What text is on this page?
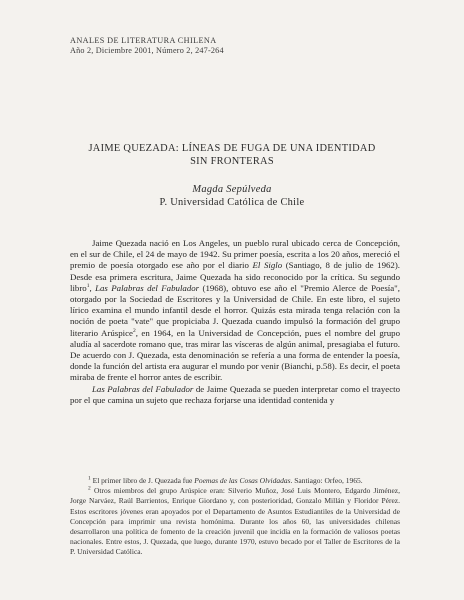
ANALES DE LITERATURA CHILENA
Año 2, Diciembre 2001, Número 2, 247-264
JAIME QUEZADA: LÍNEAS DE FUGA DE UNA IDENTIDAD
SIN FRONTERAS
Magda Sepúlveda
P. Universidad Católica de Chile

Jaime Quezada nació en Los Angeles, un pueblo rural ubicado cerca de Concepción, en el sur de Chile, el 24 de mayo de 1942. Su primer poesía, escrita a los 20 años, mereció el premio de poesía otorgado ese año por el diario El Siglo (Santiago, 8 de julio de 1962). Desde esa primera escritura, Jaime Quezada ha sido reconocido por la crítica. Su segundo libro$^1$, Las Palabras del Fabulador (1968), obtuvo ese año el "Premio Alerce de Poesía", otorgado por la Sociedad de Escritores y la Universidad de Chile. En este libro, el sujeto lírico examina el mundo infantil desde el horror. Quizás esta mirada tenga relación con la noción de poeta "vate" que propiciaba J. Quezada cuando impulsó la formación del grupo literario Arúspice$^2$, en 1964, en la Universidad de Concepción, pues el nombre del grupo aludía al sacerdote romano que, tras mirar las vísceras de algún animal, presagiaba el futuro. De acuerdo con J. Quezada, esta denominación se refería a una forma de entender la poesía, donde la función del artista era augurar el mundo por venir (Bianchi, p.58). Es decir, el poeta miraba de frente el horror antes de escribir.

Las Palabras del Fabulador de Jaime Quezada se pueden interpretar como el trayecto por el que camina un sujeto que rechaza forjarse una identidad contenida y

$^1$ El primer libro de J. Quezada fue Poemas de las Cosas Olvidadas. Santiago: Orfeo, 1965.

$^2$ Otros miembros del grupo Arúspice eran: Silverio Muñoz, José Luis Montero, Edgardo Jiménez, Jorge Narváez, Raúl Barrientos, Enrique Giordano y, con posterioridad, Gonzalo Millán y Floridor Pérez. Estos escritores jóvenes eran apoyados por el Departamento de Asuntos Estudiantiles de la Universidad de Concepción para imprimir una revista homónima. Durante los años 60, las universidades chilenas desarrollaron una política de fomento de la creación juvenil que incidía en la formación de valiosos poetas nacionales. Entre estos, J. Quezada, que luego, durante 1970, estuvo becado por el Taller de Escritores de la P. Universidad Católica.
